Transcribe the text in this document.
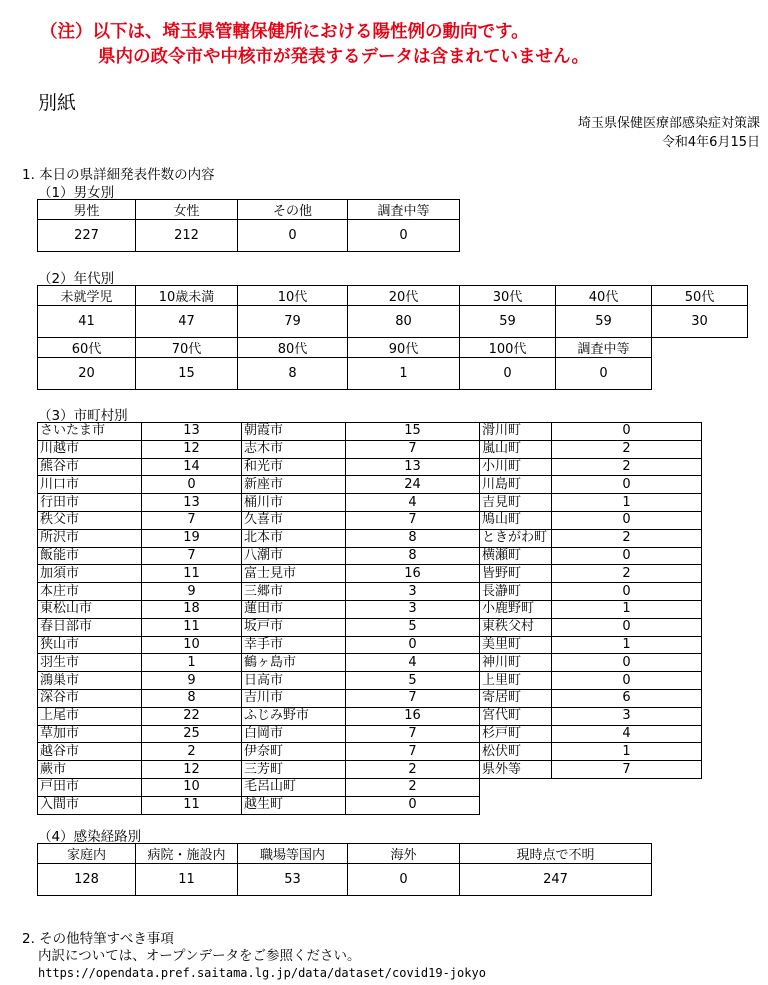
（注）以下は、埼玉県管轄保健所における陽性例の動向です。
県内の政令市や中核市が発表するデータは含まれていません。
別紙
埼玉県保健医療部感染症対策課
令和4年6月15日
1. 本日の県詳細発表件数の内容
（1）男女別
男性	女性	その他	調査中等
227	212	0	0
（2）年代別
未就学児	10歳未満	10代	20代	30代	40代	50代
41	47	79	80	59	59	30
60代	70代	80代	90代	100代	調査中等	
20	15	8	1	0	0	
（3）市町村別
さいたま市	13	朝霞市	15	滑川町	0
川越市	12	志木市	7	嵐山町	2
熊谷市	14	和光市	13	小川町	2
川口市	0	新座市	24	川島町	0
行田市	13	桶川市	4	吉見町	1
秩父市	7	久喜市	7	鳩山町	0
所沢市	19	北本市	8	ときがわ町	2
飯能市	7	八潮市	8	横瀬町	0
加須市	11	富士見市	16	皆野町	2
本庄市	9	三郷市	3	長瀞町	0
東松山市	18	蓮田市	3	小鹿野町	1
春日部市	11	坂戸市	5	東秩父村	0
狭山市	10	幸手市	0	美里町	1
羽生市	1	鶴ヶ島市	4	神川町	0
鴻巣市	9	日高市	5	上里町	0
深谷市	8	吉川市	7	寄居町	6
上尾市	22	ふじみ野市	16	宮代町	3
草加市	25	白岡市	7	杉戸町	4
越谷市	2	伊奈町	7	松伏町	1
蕨市	12	三芳町	2	県外等	7
戸田市	10	毛呂山町	2		
入間市	11	越生町	0		
（4）感染経路別
家庭内	病院・施設内	職場等国内	海外	現時点で不明
128	11	53	0	247
2. その他特筆すべき事項
内訳については、オープンデータをご参照ください。
https://opendata.pref.saitama.lg.jp/data/dataset/covid19-jokyo
